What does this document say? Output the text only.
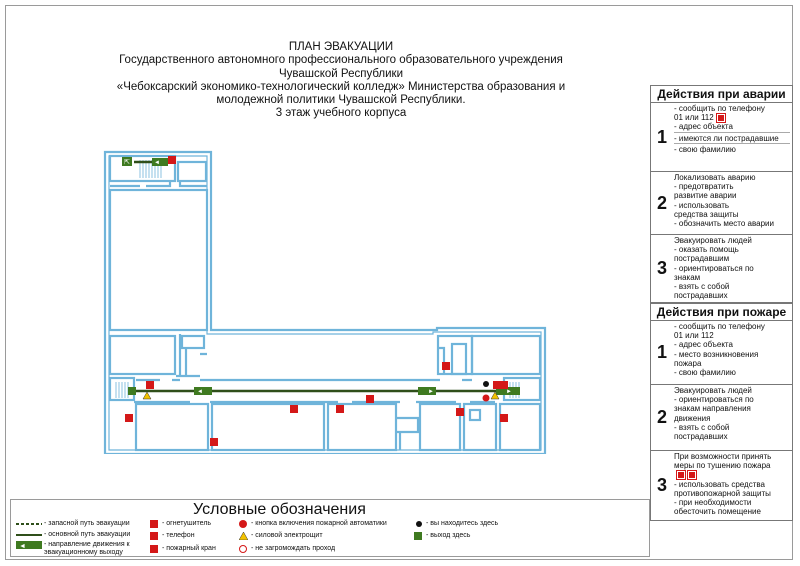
ПЛАН ЭВАКУАЦИИ
Государственного автономного профессионального образовательного учреждения
Чувашской Республики
«Чебоксарский экономико-технологический колледж» Министерства образования и
молодежной политики Чувашской Республики.
3 этаж учебного корпуса
◄
◄	►	►
⇱
Действия при аварии
1
- сообщить по телефону
01 или 112
- адрес объекта
- имеются ли пострадавшие
- свою фамилию
2
Локализовать аварию
- предотвратить
развитие аварии
- использовать
средства защиты
- обозначить место аварии
3
Эвакуировать людей
- оказать помощь
пострадавшим
- ориентироваться по
знакам
- взять с собой
пострадавших
Действия при пожаре
1
- сообщить по телефону
01 или 112
- адрес объекта
- место возникновения
пожара
- свою фамилию
2
Эвакуировать людей
- ориентироваться по
знакам направления
движения
- взять с собой
пострадавших
3
При возможности принять
меры по тушению пожара
- использовать средства
противопожарной защиты
- при необходимости
обесточить помещение
Условные обозначения
- запасной путь эвакуации
- основной путь эвакуации
◄	- направление движения к
эвакуационному выходу
- огнетушитель
- телефон
- пожарный кран
- кнопка включения пожарной автоматики
- силовой электрощит
- не загромождать проход
- вы находитесь здесь
- выход здесь
